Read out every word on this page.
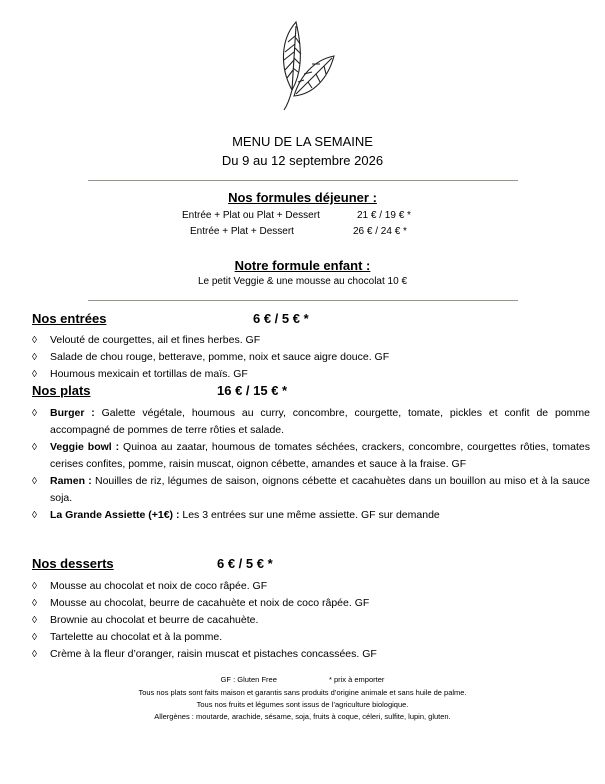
MENU DE LA SEMAINE
Du 9 au 12 septembre 2026
Nos formules déjeuner :
Entrée + Plat ou Plat + Dessert	21 € / 19 € *
Entrée + Plat + Dessert	26 € / 24 € *
Notre formule enfant :
Le petit Veggie & une mousse au chocolat 10 €
Nos entrées	6 € / 5 € *
◊ Velouté de courgettes, ail et fines herbes. GF
◊ Salade de chou rouge, betterave, pomme, noix et sauce aigre douce. GF
◊ Houmous mexicain et tortillas de maïs. GF
Nos plats	16 € / 15 € *
◊ Burger : Galette végétale, houmous au curry, concombre, courgette, tomate, pickles et confit de pomme accompagné de pommes de terre rôties et salade.
◊ Veggie bowl : Quinoa au zaatar, houmous de tomates séchées, crackers, concombre, courgettes rôties, tomates cerises confites, pomme, raisin muscat, oignon cébette, amandes et sauce à la fraise. GF
◊ Ramen : Nouilles de riz, légumes de saison, oignons cébette et cacahuètes dans un bouillon au miso et à la sauce soja.
◊ La Grande Assiette (+1€) : Les 3 entrées sur une même assiette. GF sur demande
Nos desserts	6 € / 5 € *
◊ Mousse au chocolat et noix de coco râpée. GF
◊ Mousse au chocolat, beurre de cacahuète et noix de coco râpée. GF
◊ Brownie au chocolat et beurre de cacahuète.
◊ Tartelette au chocolat et à la pomme.
◊ Crème à la fleur d’oranger, raisin muscat et pistaches concassées. GF
GF : Gluten Free                         * prix à emporter
Tous nos plats sont faits maison et garantis sans produits d’origine animale et sans huile de palme.
Tous nos fruits et légumes sont issus de l’agriculture biologique.
Allergènes : moutarde, arachide, sésame, soja, fruits à coque, céleri, sulfite, lupin, gluten.
